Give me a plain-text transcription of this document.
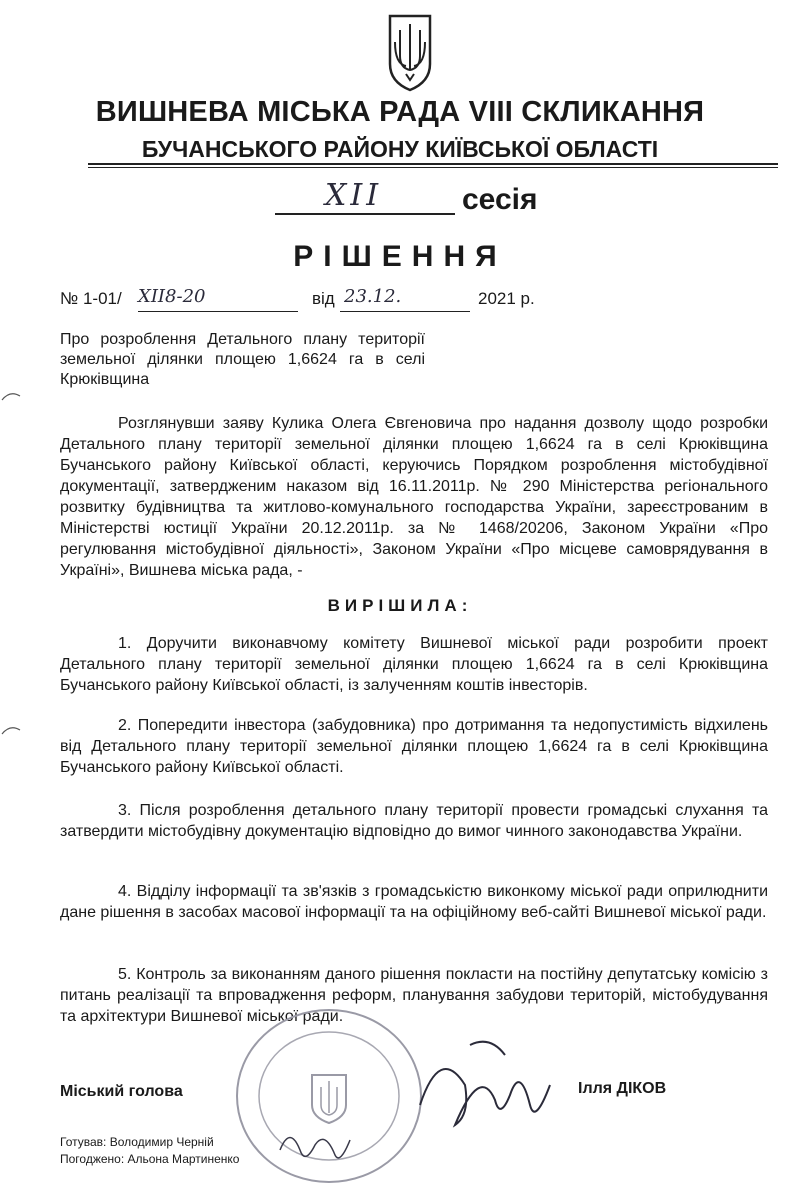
ВИШНЕВА МІСЬКА РАДА VIII СКЛИКАННЯ
БУЧАНСЬКОГО РАЙОНУ КИЇВСЬКОЇ ОБЛАСТІ
XII	сесія
РІШЕННЯ
№ 1-01/ XII8-20	від 23.12.	2021 р.
Про розроблення Детального плану території земельної ділянки площею 1,6624 га в селі Крюківщина
Розглянувши заяву Кулика Олега Євгеновича про надання дозволу щодо розробки Детального плану території земельної ділянки площею 1,6624 га в селі Крюківщина Бучанського району Київської області, керуючись Порядком розроблення містобудівної документації, затвердженим наказом від 16.11.2011р. № 290 Міністерства регіонального розвитку будівництва та житлово-комунального господарства України, зареєстрованим в Міністерстві юстиції України 20.12.2011р. за № 1468/20206, Законом України «Про регулювання містобудівної діяльності», Законом України «Про місцеве самоврядування в Україні», Вишнева міська рада, -
ВИРІШИЛА:
1. Доручити виконавчому комітету Вишневої міської ради розробити проект Детального плану території земельної ділянки площею 1,6624 га в селі Крюківщина Бучанського району Київської області, із залученням коштів інвесторів.
2. Попередити інвестора (забудовника) про дотримання та недопустимість відхилень від Детального плану території земельної ділянки площею 1,6624 га в селі Крюківщина Бучанського району Київської області.
3. Після розроблення детального плану території провести громадські слухання та затвердити містобудівну документацію відповідно до вимог чинного законодавства України.
4. Відділу інформації та зв'язків з громадськістю виконкому міської ради оприлюднити дане рішення в засобах масової інформації та на офіційному веб-сайті Вишневої міської ради.
5. Контроль за виконанням даного рішення покласти на постійну депутатську комісію з питань реалізації та впровадження реформ, планування забудови територій, містобудування та архітектури Вишневої міської ради.
Міський голова	Ілля ДІКОВ
Готував: Володимир Черній
Погоджено: Альона Мартиненко
